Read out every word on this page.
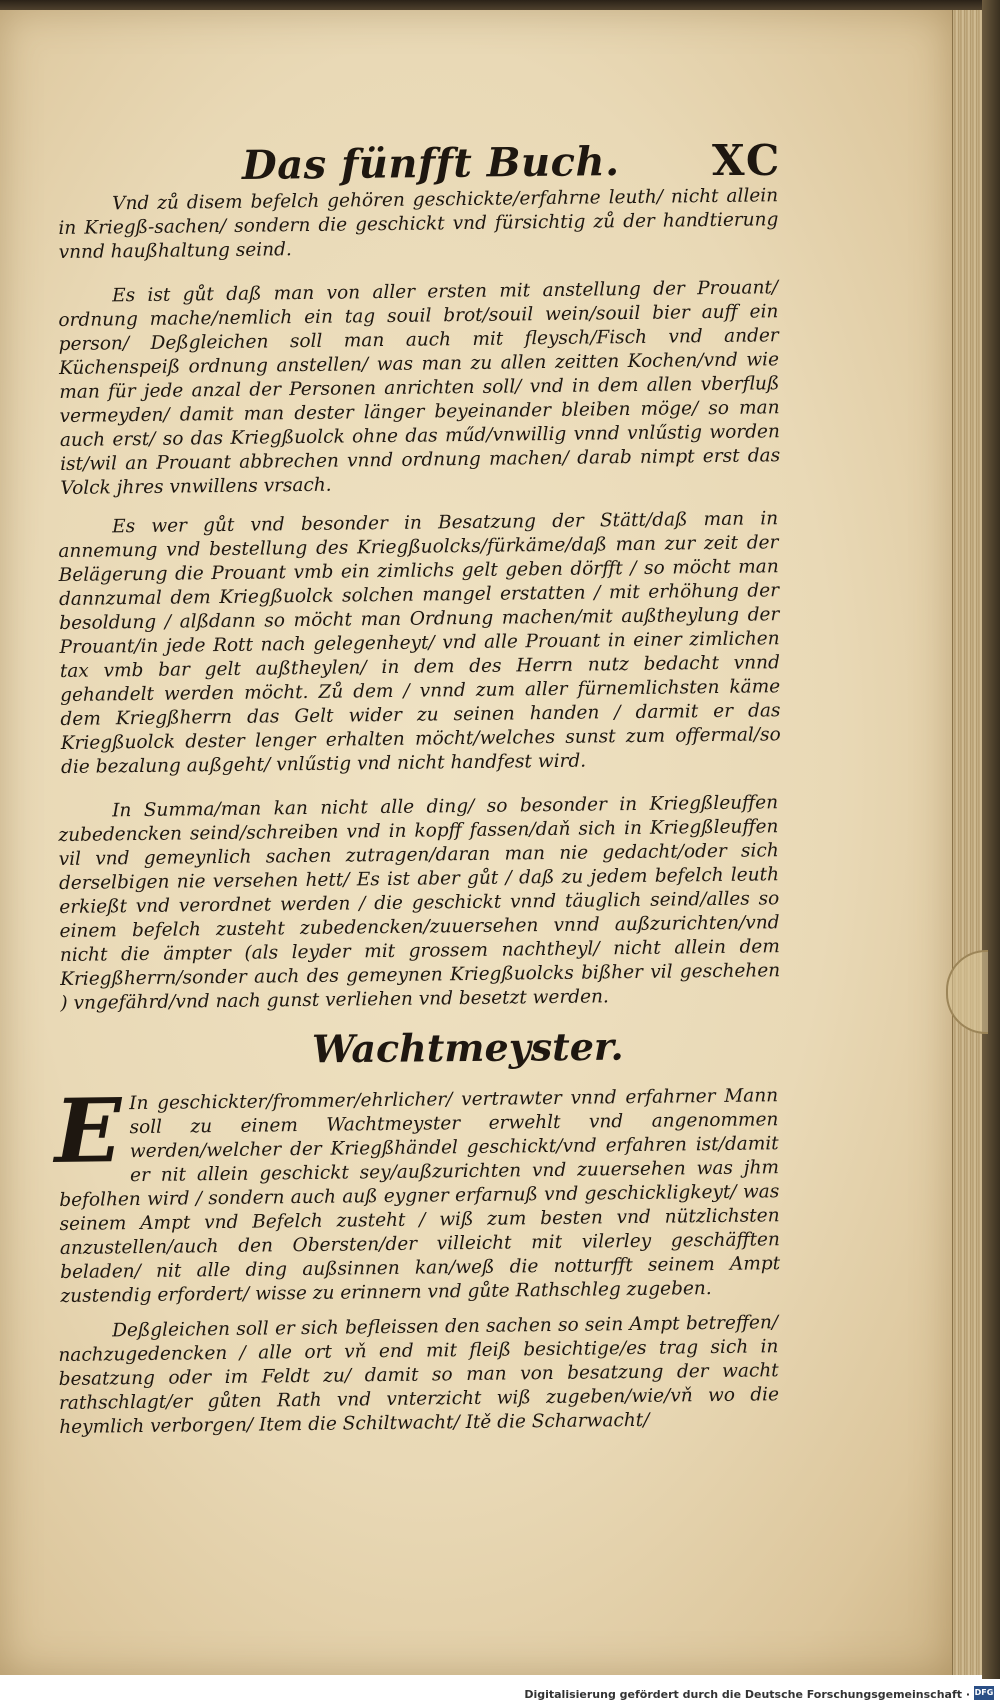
Das fünfft Buch. XC

Vnd zů disem befelch gehören geschickte/erfahrne leuth/ nicht allein in Kriegß-sachen/ sondern die geschickt vnd fürsichtig zů der handtierung vnnd haußhaltung seind.

Es ist gůt daß man von aller ersten mit anstellung der Prouant/ ordnung mache/nemlich ein tag souil brot/souil wein/souil bier auff ein person/ Deßgleichen soll man auch mit fleysch/Fisch vnd ander Küchenspeiß ordnung anstellen/ was man zu allen zeitten Kochen/vnd wie man für jede anzal der Personen anrichten soll/ vnd in dem allen vberfluß vermeyden/ damit man dester länger beyeinander bleiben möge/ so man auch erst/ so das Kriegßuolck ohne das műd/vnwillig vnnd vnlűstig worden ist/wil an Prouant abbrechen vnnd ordnung machen/ darab nimpt erst das Volck jhres vnwillens vrsach.

Es wer gůt vnd besonder in Besatzung der Stätt/daß man in annemung vnd bestellung des Kriegßuolcks/fürkäme/daß man zur zeit der Belägerung die Prouant vmb ein zimlichs gelt geben dörfft / so möcht man dannzumal dem Kriegßuolck solchen mangel erstatten / mit erhöhung der besoldung / alßdann so möcht man Ordnung machen/mit außtheylung der Prouant/in jede Rott nach gelegenheyt/ vnd alle Prouant in einer zimlichen tax vmb bar gelt außtheylen/ in dem des Herrn nutz bedacht vnnd gehandelt werden möcht. Zů dem / vnnd zum aller fürnemlichsten käme dem Kriegßherrn das Gelt wider zu seinen handen / darmit er das Kriegßuolck dester lenger erhalten möcht/welches sunst zum offermal/so die bezalung außgeht/ vnlűstig vnd nicht handfest wird.

In Summa/man kan nicht alle ding/ so besonder in Kriegßleuffen zubedencken seind/schreiben vnd in kopff fassen/daň sich in Kriegßleuffen vil vnd gemeynlich sachen zutragen/daran man nie gedacht/oder sich derselbigen nie versehen hett/ Es ist aber gůt / daß zu jedem befelch leuth erkießt vnd verordnet werden / die geschickt vnnd täuglich seind/alles so einem befelch zusteht zubedencken/zuuersehen vnnd außzurichten/vnd nicht die ämpter (als leyder mit grossem nachtheyl/ nicht allein dem Kriegßherrn/sonder auch des gemeynen Kriegßuolcks bißher vil geschehen ) vngefährd/vnd nach gunst verliehen vnd besetzt werden.

Wachtmeyster.

E In geschickter/frommer/ehrlicher/ vertrawter vnnd erfahrner Mann soll zu einem Wachtmeyster erwehlt vnd angenommen werden/welcher der Kriegßhändel geschickt/vnd erfahren ist/damit er nit allein geschickt sey/außzurichten vnd zuuersehen was jhm befolhen wird / sondern auch auß eygner erfarnuß vnd geschickligkeyt/ was seinem Ampt vnd Befelch zusteht / wiß zum besten vnd nützlichsten anzustellen/auch den Obersten/der villeicht mit vilerley geschäfften beladen/ nit alle ding außsinnen kan/weß die notturfft seinem Ampt zustendig erfordert/ wisse zu erinnern vnd gůte Rathschleg zugeben.

Deßgleichen soll er sich befleissen den sachen so sein Ampt betreffen/ nachzugedencken / alle ort vň end mit fleiß besichtige/es trag sich in besatzung oder im Feldt zu/ damit so man von besatzung der wacht rathschlagt/er gůten Rath vnd vnterzicht wiß zugeben/wie/vň wo die heymlich verborgen/ Item die Schiltwacht/ Itě die Scharwacht/

Digitalisierung gefördert durch die Deutsche Forschungsgemeinschaft · DFG
